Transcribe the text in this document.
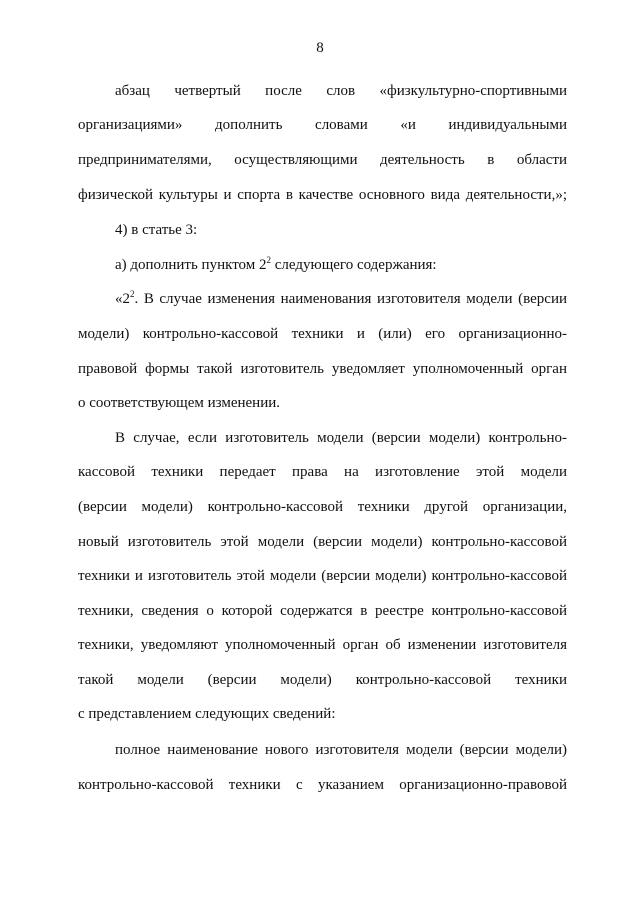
8
абзац четвертый после слов «физкультурно-спортивными
организациями» дополнить словами «и индивидуальными
предпринимателями, осуществляющими деятельность в области
физической культуры и спорта в качестве основного вида деятельности,»;
4) в статье 3:
а) дополнить пунктом $2^2$ следующего содержания:
«$2^2$. В случае изменения наименования изготовителя модели (версии
модели) контрольно-кассовой техники и (или) его организационно-
правовой формы такой изготовитель уведомляет уполномоченный орган
о соответствующем изменении.
В случае, если изготовитель модели (версии модели) контрольно-
кассовой техники передает права на изготовление этой модели
(версии модели) контрольно-кассовой техники другой организации,
новый изготовитель этой модели (версии модели) контрольно-кассовой
техники и изготовитель этой модели (версии модели) контрольно-кассовой
техники, сведения о которой содержатся в реестре контрольно-кассовой
техники, уведомляют уполномоченный орган об изменении изготовителя
такой модели (версии модели) контрольно-кассовой техники
с представлением следующих сведений:
полное наименование нового изготовителя модели (версии модели)
контрольно-кассовой техники с указанием организационно-правовой
